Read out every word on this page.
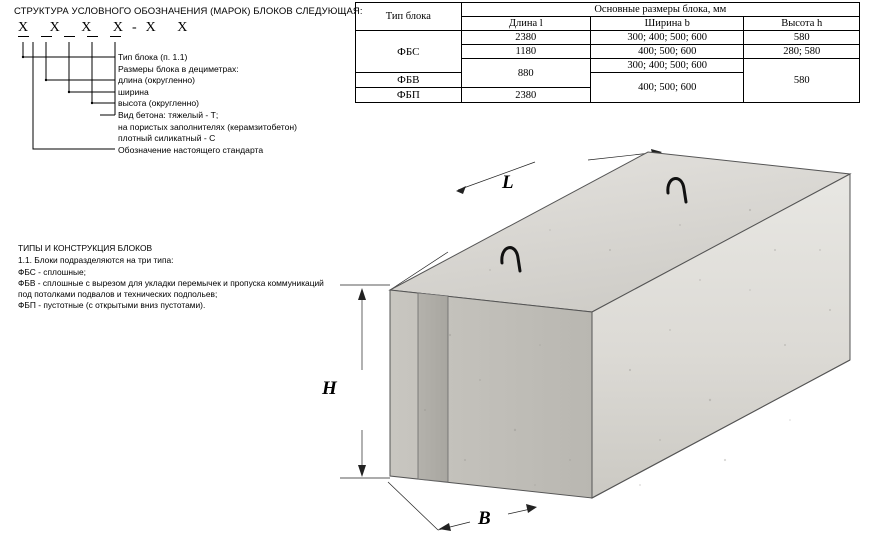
СТРУКТУРА УСЛОВНОГО ОБОЗНАЧЕНИЯ (МАРОК) БЛОКОВ СЛЕДУЮЩАЯ:
X X X X-X X
Тип блока (п. 1.1)
Размеры блока в дециметрах:
длина (округленно)
ширина
высота (округленно)
Вид бетона: тяжелый - Т;
на пористых заполнителях (керамзитобетон)
плотный силикатный - С
Обозначение настоящего стандарта
ТИПЫ И КОНСТРУКЦИЯ БЛОКОВ
1.1. Блоки подразделяются на три типа:
ФБС - сплошные;
ФБВ - сплошные с вырезом для укладки перемычек и пропуска коммуникаций
под потолками подвалов и технических подпольев;
ФБП - пустотные (с открытыми вниз пустотами).
Тип блока	Основные размеры блока, мм		
	Длина l	Ширина b	Высота h
ФБС	2380	300; 400; 500; 600	580
	1180	400; 500; 600	280; 580
	880	300; 400; 500; 600	580
ФБВ		400; 500; 600	
ФБП	2380		
L
H
B
